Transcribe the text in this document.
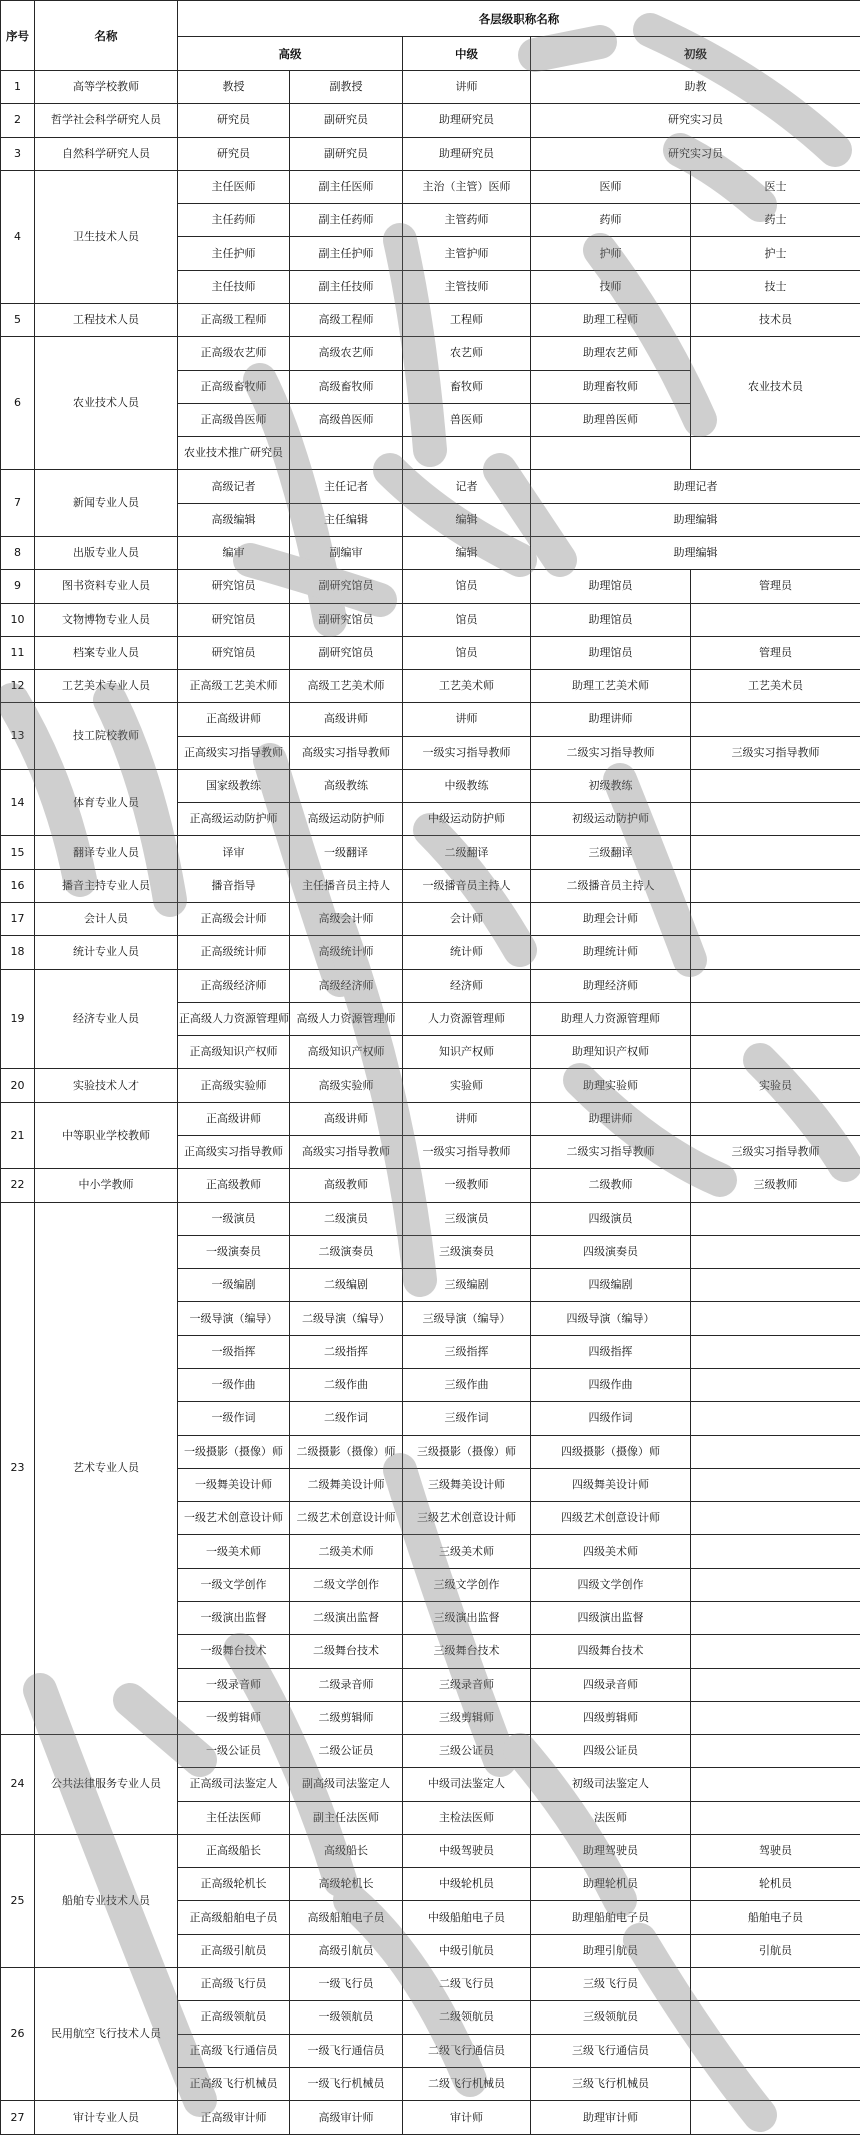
序号	名称	各层级职称名称				
		高级		中级	初级	
1	高等学校教师	教授	副教授	讲师	助教	
2	哲学社会科学研究人员	研究员	副研究员	助理研究员	研究实习员	
3	自然科学研究人员	研究员	副研究员	助理研究员	研究实习员	
4	卫生技术人员	主任医师	副主任医师	主治（主管）医师	医师	医士
		主任药师	副主任药师	主管药师	药师	药士
		主任护师	副主任护师	主管护师	护师	护士
		主任技师	副主任技师	主管技师	技师	技士
5	工程技术人员	正高级工程师	高级工程师	工程师	助理工程师	技术员
6	农业技术人员	正高级农艺师	高级农艺师	农艺师	助理农艺师	农业技术员
		正高级畜牧师	高级畜牧师	畜牧师	助理畜牧师	
		正高级兽医师	高级兽医师	兽医师	助理兽医师	
		农业技术推广研究员				
7	新闻专业人员	高级记者	主任记者	记者	助理记者	
		高级编辑	主任编辑	编辑	助理编辑	
8	出版专业人员	编审	副编审	编辑	助理编辑	
9	图书资料专业人员	研究馆员	副研究馆员	馆员	助理馆员	管理员
10	文物博物专业人员	研究馆员	副研究馆员	馆员	助理馆员	
11	档案专业人员	研究馆员	副研究馆员	馆员	助理馆员	管理员
12	工艺美术专业人员	正高级工艺美术师	高级工艺美术师	工艺美术师	助理工艺美术师	工艺美术员
13	技工院校教师	正高级讲师	高级讲师	讲师	助理讲师	
		正高级实习指导教师	高级实习指导教师	一级实习指导教师	二级实习指导教师	三级实习指导教师
14	体育专业人员	国家级教练	高级教练	中级教练	初级教练	
		正高级运动防护师	高级运动防护师	中级运动防护师	初级运动防护师	
15	翻译专业人员	译审	一级翻译	二级翻译	三级翻译	
16	播音主持专业人员	播音指导	主任播音员主持人	一级播音员主持人	二级播音员主持人	
17	会计人员	正高级会计师	高级会计师	会计师	助理会计师	
18	统计专业人员	正高级统计师	高级统计师	统计师	助理统计师	
19	经济专业人员	正高级经济师	高级经济师	经济师	助理经济师	
		正高级人力资源管理师	高级人力资源管理师	人力资源管理师	助理人力资源管理师	
		正高级知识产权师	高级知识产权师	知识产权师	助理知识产权师	
20	实验技术人才	正高级实验师	高级实验师	实验师	助理实验师	实验员
21	中等职业学校教师	正高级讲师	高级讲师	讲师	助理讲师	
		正高级实习指导教师	高级实习指导教师	一级实习指导教师	二级实习指导教师	三级实习指导教师
22	中小学教师	正高级教师	高级教师	一级教师	二级教师	三级教师
23	艺术专业人员	一级演员	二级演员	三级演员	四级演员	
		一级演奏员	二级演奏员	三级演奏员	四级演奏员	
		一级编剧	二级编剧	三级编剧	四级编剧	
		一级导演（编导）	二级导演（编导）	三级导演（编导）	四级导演（编导）	
		一级指挥	二级指挥	三级指挥	四级指挥	
		一级作曲	二级作曲	三级作曲	四级作曲	
		一级作词	二级作词	三级作词	四级作词	
		一级摄影（摄像）师	二级摄影（摄像）师	三级摄影（摄像）师	四级摄影（摄像）师	
		一级舞美设计师	二级舞美设计师	三级舞美设计师	四级舞美设计师	
		一级艺术创意设计师	二级艺术创意设计师	三级艺术创意设计师	四级艺术创意设计师	
		一级美术师	二级美术师	三级美术师	四级美术师	
		一级文学创作	二级文学创作	三级文学创作	四级文学创作	
		一级演出监督	二级演出监督	三级演出监督	四级演出监督	
		一级舞台技术	二级舞台技术	三级舞台技术	四级舞台技术	
		一级录音师	二级录音师	三级录音师	四级录音师	
		一级剪辑师	二级剪辑师	三级剪辑师	四级剪辑师	
24	公共法律服务专业人员	一级公证员	二级公证员	三级公证员	四级公证员	
		正高级司法鉴定人	副高级司法鉴定人	中级司法鉴定人	初级司法鉴定人	
		主任法医师	副主任法医师	主检法医师	法医师	
25	船舶专业技术人员	正高级船长	高级船长	中级驾驶员	助理驾驶员	驾驶员
		正高级轮机长	高级轮机长	中级轮机员	助理轮机员	轮机员
		正高级船舶电子员	高级船舶电子员	中级船舶电子员	助理船舶电子员	船舶电子员
		正高级引航员	高级引航员	中级引航员	助理引航员	引航员
26	民用航空飞行技术人员	正高级飞行员	一级飞行员	二级飞行员	三级飞行员	
		正高级领航员	一级领航员	二级领航员	三级领航员	
		正高级飞行通信员	一级飞行通信员	二级飞行通信员	三级飞行通信员	
		正高级飞行机械员	一级飞行机械员	二级飞行机械员	三级飞行机械员	
27	审计专业人员	正高级审计师	高级审计师	审计师	助理审计师	
